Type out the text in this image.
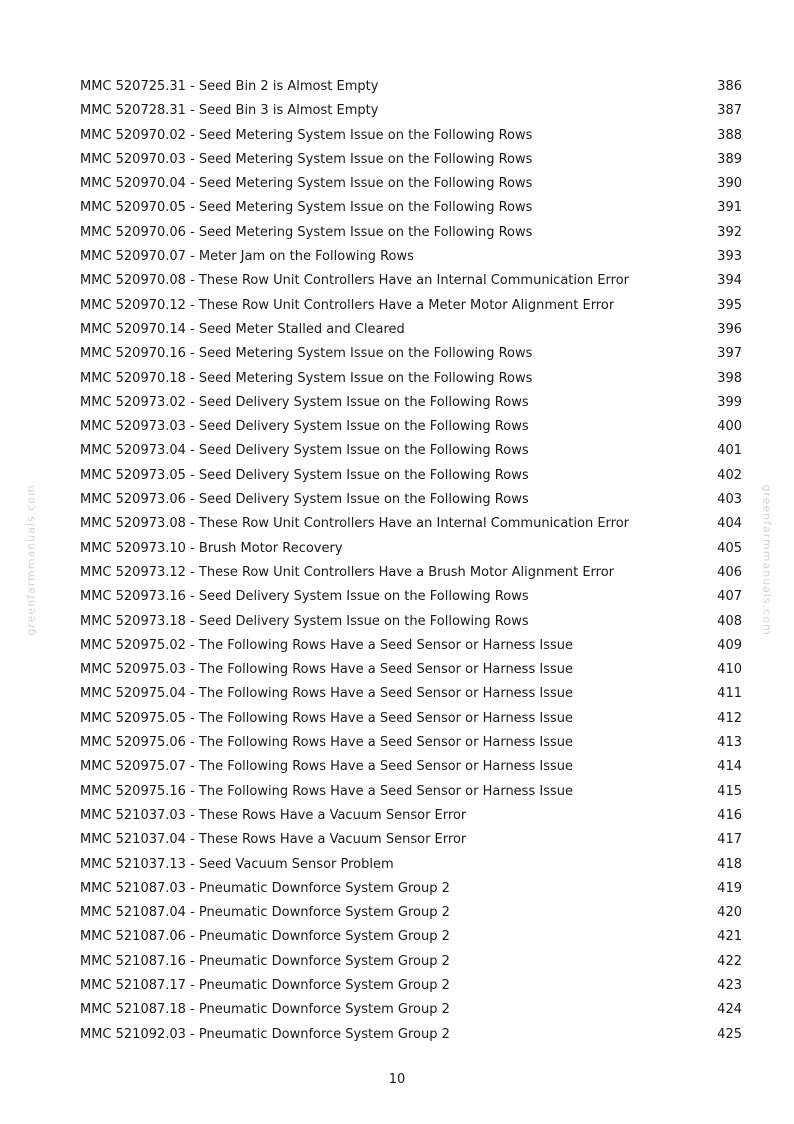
greenfarmmanuals.com	greenfarmmanuals.com
MMC 520725.31 - Seed Bin 2 is Almost Empty	386
MMC 520728.31 - Seed Bin 3 is Almost Empty	387
MMC 520970.02 - Seed Metering System Issue on the Following Rows	388
MMC 520970.03 - Seed Metering System Issue on the Following Rows	389
MMC 520970.04 - Seed Metering System Issue on the Following Rows	390
MMC 520970.05 - Seed Metering System Issue on the Following Rows	391
MMC 520970.06 - Seed Metering System Issue on the Following Rows	392
MMC 520970.07 - Meter Jam on the Following Rows	393
MMC 520970.08 - These Row Unit Controllers Have an Internal Communication Error	394
MMC 520970.12 - These Row Unit Controllers Have a Meter Motor Alignment Error	395
MMC 520970.14 - Seed Meter Stalled and Cleared	396
MMC 520970.16 - Seed Metering System Issue on the Following Rows	397
MMC 520970.18 - Seed Metering System Issue on the Following Rows	398
MMC 520973.02 - Seed Delivery System Issue on the Following Rows	399
MMC 520973.03 - Seed Delivery System Issue on the Following Rows	400
MMC 520973.04 - Seed Delivery System Issue on the Following Rows	401
MMC 520973.05 - Seed Delivery System Issue on the Following Rows	402
MMC 520973.06 - Seed Delivery System Issue on the Following Rows	403
MMC 520973.08 - These Row Unit Controllers Have an Internal Communication Error	404
MMC 520973.10 - Brush Motor Recovery	405
MMC 520973.12 - These Row Unit Controllers Have a Brush Motor Alignment Error	406
MMC 520973.16 - Seed Delivery System Issue on the Following Rows	407
MMC 520973.18 - Seed Delivery System Issue on the Following Rows	408
MMC 520975.02 - The Following Rows Have a Seed Sensor or Harness Issue	409
MMC 520975.03 - The Following Rows Have a Seed Sensor or Harness Issue	410
MMC 520975.04 - The Following Rows Have a Seed Sensor or Harness Issue	411
MMC 520975.05 - The Following Rows Have a Seed Sensor or Harness Issue	412
MMC 520975.06 - The Following Rows Have a Seed Sensor or Harness Issue	413
MMC 520975.07 - The Following Rows Have a Seed Sensor or Harness Issue	414
MMC 520975.16 - The Following Rows Have a Seed Sensor or Harness Issue	415
MMC 521037.03 - These Rows Have a Vacuum Sensor Error	416
MMC 521037.04 - These Rows Have a Vacuum Sensor Error	417
MMC 521037.13 - Seed Vacuum Sensor Problem	418
MMC 521087.03 - Pneumatic Downforce System Group 2	419
MMC 521087.04 - Pneumatic Downforce System Group 2	420
MMC 521087.06 - Pneumatic Downforce System Group 2	421
MMC 521087.16 - Pneumatic Downforce System Group 2	422
MMC 521087.17 - Pneumatic Downforce System Group 2	423
MMC 521087.18 - Pneumatic Downforce System Group 2	424
MMC 521092.03 - Pneumatic Downforce System Group 2	425
10
